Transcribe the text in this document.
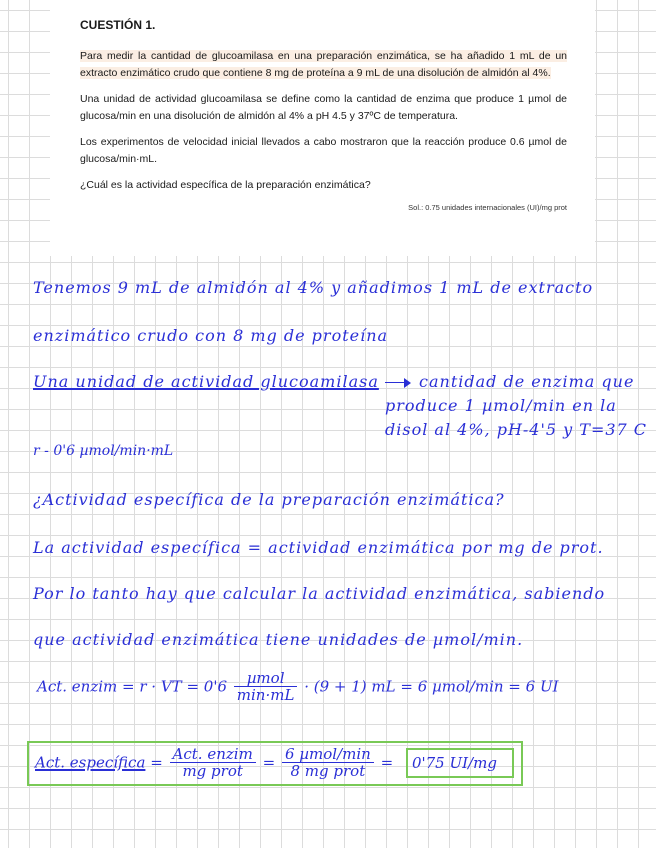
CUESTIÓN 1.

Para medir la cantidad de glucoamilasa en una preparación enzimática, se ha añadido 1 mL de un extracto enzimático crudo que contiene 8 mg de proteína a 9 mL de una disolución de almidón al 4%.

Una unidad de actividad glucoamilasa se define como la cantidad de enzima que produce 1 µmol de glucosa/min en una disolución de almidón al 4% a pH 4.5 y 37ºC de temperatura.

Los experimentos de velocidad inicial llevados a cabo mostraron que la reacción produce 0.6 µmol de glucosa/min·mL.

¿Cuál es la actividad específica de la preparación enzimática?

Sol.: 0.75 unidades internacionales (UI)/mg prot
Tenemos 9 mL de almidón al 4% y añadimos 1 mL de extracto
enzimático crudo con 8 mg de proteína
Una unidad de actividad glucoamilasa	cantidad de enzima que
produce 1 µmol/min en la
disol al 4%, pH-4'5 y T=37 C
r - 0'6 µmol/min·mL
¿Actividad específica de la preparación enzimática?
La actividad específica = actividad enzimática por mg de prot.
Por lo tanto hay que calcular la actividad enzimática, sabiendo
que actividad enzimática tiene unidades de µmol/min.
Act. enzim = r · VT = $0'6 \frac{\text{µmol}}{\min\cdot mL} \cdot (9 + 1)$ mL = 6 µmol/min = 6 UI
Act. específica = $\frac{\text{Act. enzim}}{\text{mg prot}} = \frac{\text{6 µmol/min}}{\text{8 mg prot}} = 0'75$ UI/mg
